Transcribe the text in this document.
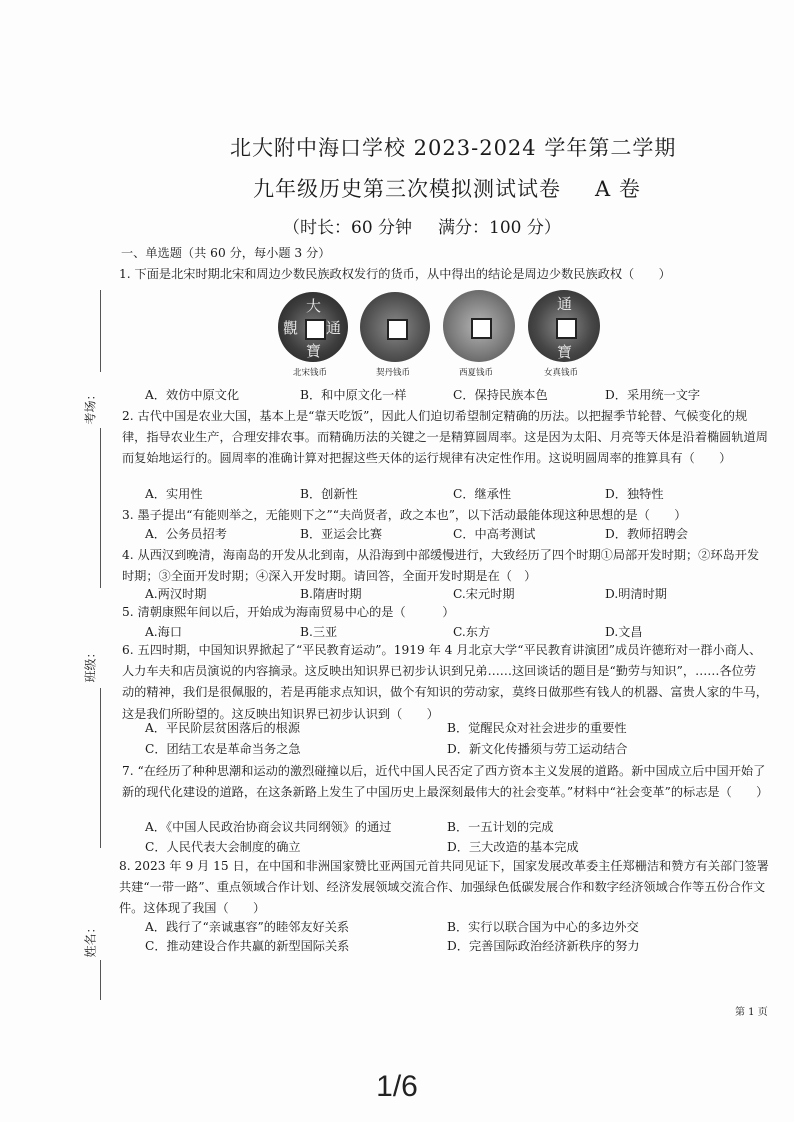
北大附中海口学校 2023-2024 学年第二学期
九年级历史第三次模拟测试试卷 A 卷
（时长：60 分钟 满分：100 分）
考场：
班级：
姓名：
一、单选题（共 60 分，每小题 3 分）
1. 下面是北宋时期北宋和周边少数民族政权发行的货币，从中得出的结论是周边少数民族政权（　　）
大
通
寶
觀
北宋钱币	契丹钱币	西夏钱币
通
寶
女真钱币
A．效仿中原文化	B．和中原文化一样	C．保持民族本色	D．采用统一文字
2. 古代中国是农业大国，基本上是“靠天吃饭”，因此人们迫切希望制定精确的历法。以把握季节轮替、气候变化的规律，指导农业生产，合理安排农事。而精确历法的关键之一是精算圆周率。这是因为太阳、月亮等天体是沿着椭圆轨道周而复始地运行的。圆周率的准确计算对把握这些天体的运行规律有决定性作用。这说明圆周率的推算具有（　　）
A．实用性	B．创新性	C．继承性	D．独特性
3. 墨子提出“有能则举之，无能则下之”“夫尚贤者，政之本也”，以下活动最能体现这种思想的是（　　）
A．公务员招考	B．亚运会比赛	C．中高考测试	D．教师招聘会
4. 从西汉到晚清，海南岛的开发从北到南，从沿海到中部缓慢进行，大致经历了四个时期①局部开发时期；②环岛开发时期；③全面开发时期；④深入开发时期。请回答，全面开发时期是在（　）
A.两汉时期	B.隋唐时期	C.宋元时期	D.明清时期
5. 清朝康熙年间以后，开始成为海南贸易中心的是（　　　）
A.海口	B.三亚	C.东方	D.文昌
6. 五四时期，中国知识界掀起了“平民教育运动”。1919 年 4 月北京大学“平民教育讲演团”成员许德珩对一群小商人、人力车夫和店员演说的内容摘录。这反映出知识界已初步认识到兄弟……这回谈话的题目是“勤劳与知识”，……各位劳动的精神，我们是很佩服的，若是再能求点知识，做个有知识的劳动家，莫终日做那些有钱人的机器、富贵人家的牛马，这是我们所盼望的。这反映出知识界已初步认识到（　　）
A．平民阶层贫困落后的根源	B．觉醒民众对社会进步的重要性
C．团结工农是革命当务之急	D．新文化传播须与劳工运动结合
7. “在经历了种种思潮和运动的激烈碰撞以后，近代中国人民否定了西方资本主义发展的道路。新中国成立后中国开始了新的现代化建设的道路，在这条新路上发生了中国历史上最深刻最伟大的社会变革。”材料中“社会变革”的标志是（　　）
A．《中国人民政治协商会议共同纲领》的通过	B．一五计划的完成
C．人民代表大会制度的确立	D．三大改造的基本完成
8. 2023 年 9 月 15 日，在中国和非洲国家赞比亚两国元首共同见证下，国家发展改革委主任郑栅洁和赞方有关部门签署共建“一带一路”、重点领域合作计划、经济发展领域交流合作、加强绿色低碳发展合作和数字经济领域合作等五份合作文件。这体现了我国（　　）
A．践行了“亲诚惠容”的睦邻友好关系	B．实行以联合国为中心的多边外交
C．推动建设合作共赢的新型国际关系	D．完善国际政治经济新秩序的努力
第 1 页
1/6
